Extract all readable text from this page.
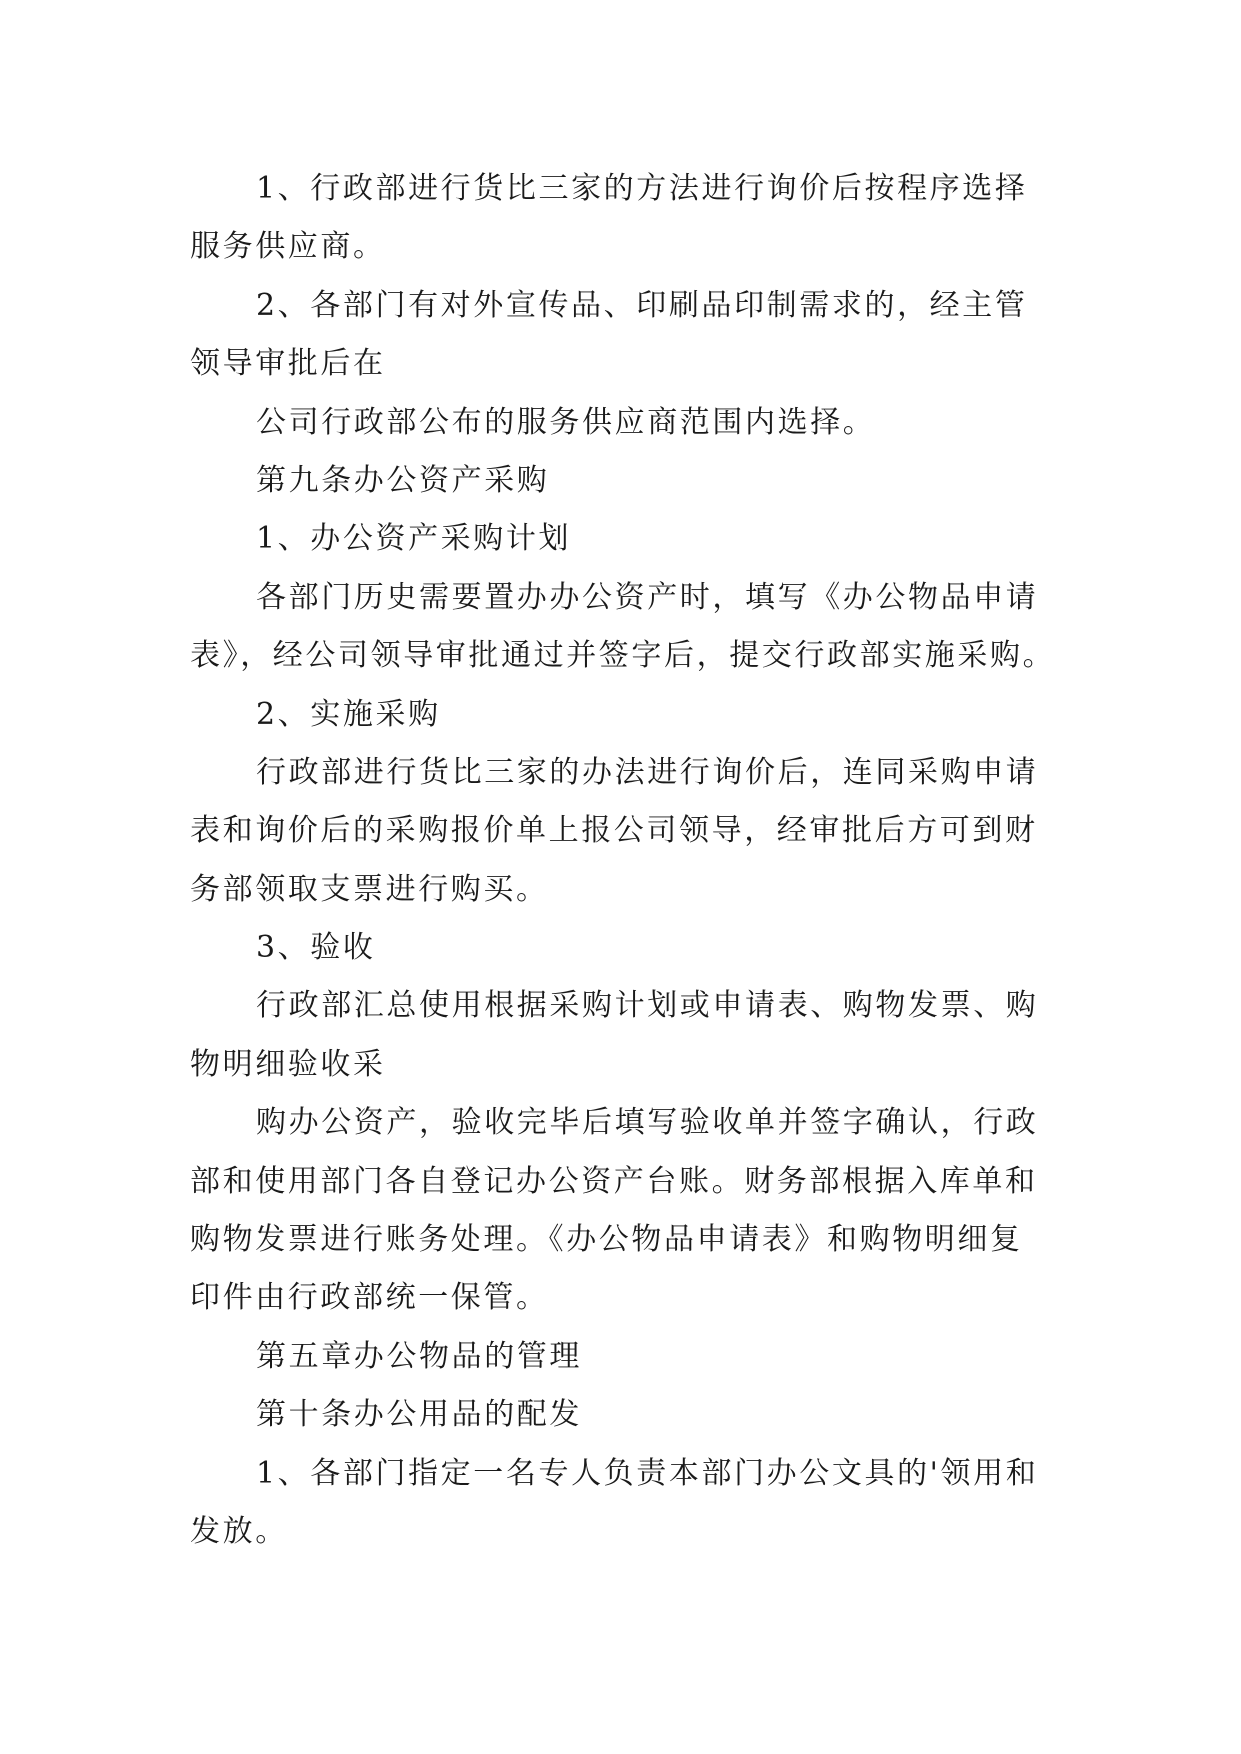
1、行政部进行货比三家的方法进行询价后按程序选择
服务供应商。
2、各部门有对外宣传品、印刷品印制需求的，经主管
领导审批后在
公司行政部公布的服务供应商范围内选择。
第九条办公资产采购
1、办公资产采购计划
各部门历史需要置办办公资产时，填写《办公物品申请
表》，经公司领导审批通过并签字后，提交行政部实施采购。
2、实施采购
行政部进行货比三家的办法进行询价后，连同采购申请
表和询价后的采购报价单上报公司领导，经审批后方可到财
务部领取支票进行购买。
3、验收
行政部汇总使用根据采购计划或申请表、购物发票、购
物明细验收采
购办公资产，验收完毕后填写验收单并签字确认，行政
部和使用部门各自登记办公资产台账。财务部根据入库单和
购物发票进行账务处理。《办公物品申请表》和购物明细复
印件由行政部统一保管。
第五章办公物品的管理
第十条办公用品的配发
1、各部门指定一名专人负责本部门办公文具的'领用和
发放。
